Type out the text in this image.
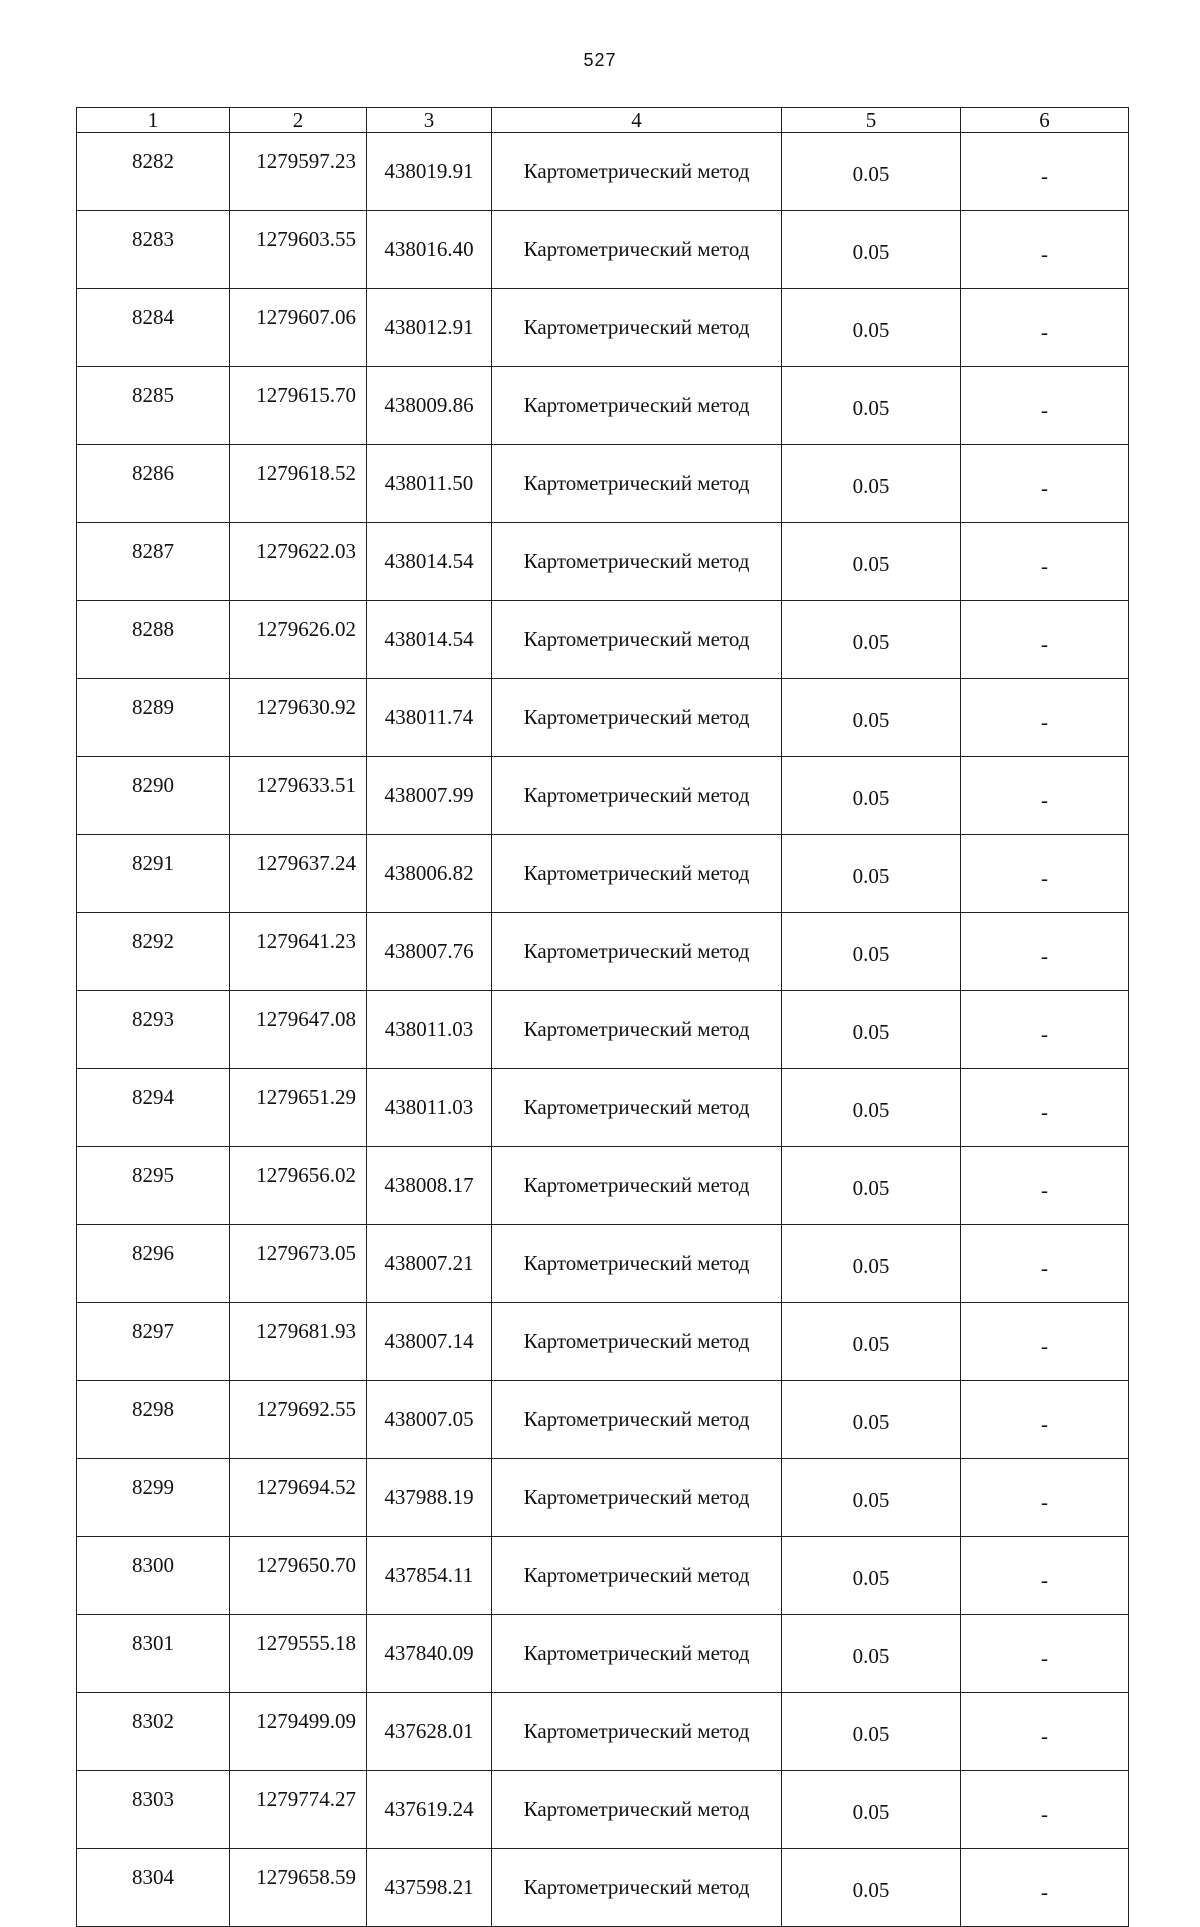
527
1	2	3	4	5	6
8282	1279597.23	438019.91	Картометрический метод	0.05	-
8283	1279603.55	438016.40	Картометрический метод	0.05	-
8284	1279607.06	438012.91	Картометрический метод	0.05	-
8285	1279615.70	438009.86	Картометрический метод	0.05	-
8286	1279618.52	438011.50	Картометрический метод	0.05	-
8287	1279622.03	438014.54	Картометрический метод	0.05	-
8288	1279626.02	438014.54	Картометрический метод	0.05	-
8289	1279630.92	438011.74	Картометрический метод	0.05	-
8290	1279633.51	438007.99	Картометрический метод	0.05	-
8291	1279637.24	438006.82	Картометрический метод	0.05	-
8292	1279641.23	438007.76	Картометрический метод	0.05	-
8293	1279647.08	438011.03	Картометрический метод	0.05	-
8294	1279651.29	438011.03	Картометрический метод	0.05	-
8295	1279656.02	438008.17	Картометрический метод	0.05	-
8296	1279673.05	438007.21	Картометрический метод	0.05	-
8297	1279681.93	438007.14	Картометрический метод	0.05	-
8298	1279692.55	438007.05	Картометрический метод	0.05	-
8299	1279694.52	437988.19	Картометрический метод	0.05	-
8300	1279650.70	437854.11	Картометрический метод	0.05	-
8301	1279555.18	437840.09	Картометрический метод	0.05	-
8302	1279499.09	437628.01	Картометрический метод	0.05	-
8303	1279774.27	437619.24	Картометрический метод	0.05	-
8304	1279658.59	437598.21	Картометрический метод	0.05	-
